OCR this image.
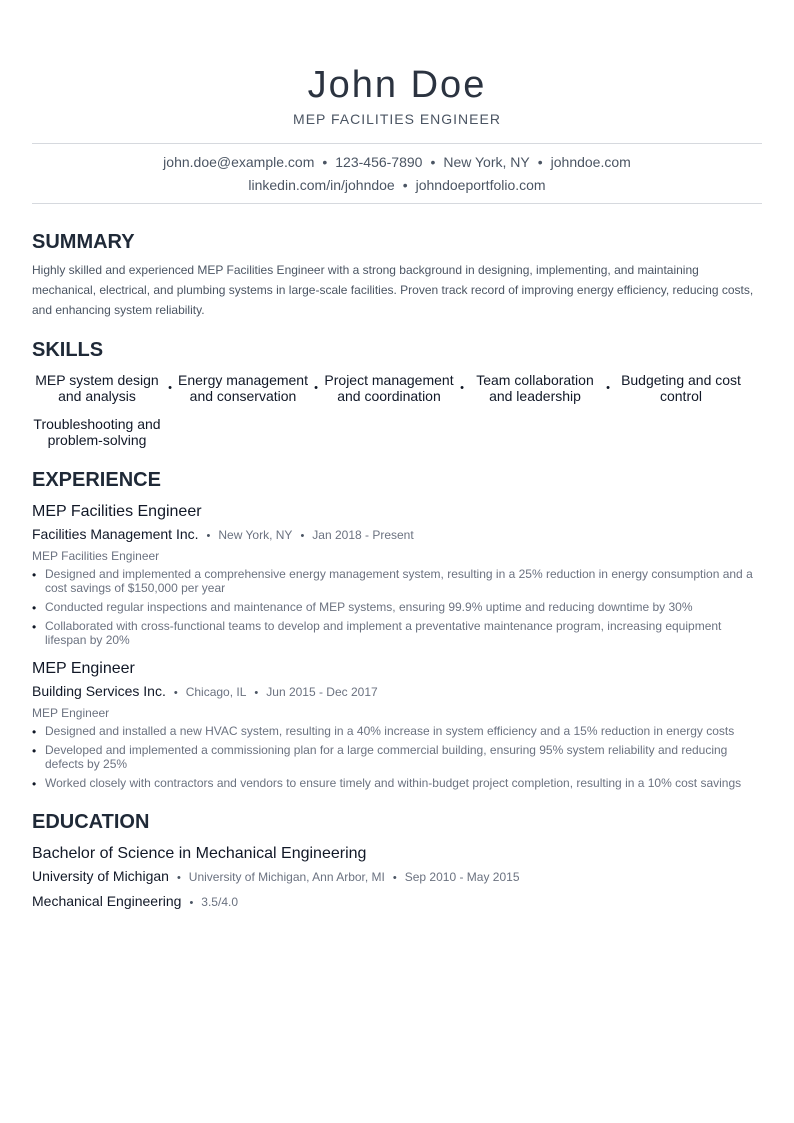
John Doe
MEP FACILITIES ENGINEER
john.doe@example.com • 123-456-7890 • New York, NY • johndoe.com
linkedin.com/in/johndoe • johndoeportfolio.com
SUMMARY
Highly skilled and experienced MEP Facilities Engineer with a strong background in designing, implementing, and maintaining mechanical, electrical, and plumbing systems in large-scale facilities. Proven track record of improving energy efficiency, reducing costs, and enhancing system reliability.
SKILLS
MEP system design and analysis	• Energy management and conservation	• Project management and coordination	• Team collaboration and leadership	• Budgeting and cost control
Troubleshooting and problem-solving
EXPERIENCE
MEP Facilities Engineer
Facilities Management Inc. • New York, NY • Jan 2018 - Present
MEP Facilities Engineer
• Designed and implemented a comprehensive energy management system, resulting in a 25% reduction in energy consumption and a cost savings of $150,000 per year
• Conducted regular inspections and maintenance of MEP systems, ensuring 99.9% uptime and reducing downtime by 30%
• Collaborated with cross-functional teams to develop and implement a preventative maintenance program, increasing equipment lifespan by 20%
MEP Engineer
Building Services Inc. • Chicago, IL • Jun 2015 - Dec 2017
MEP Engineer
• Designed and installed a new HVAC system, resulting in a 40% increase in system efficiency and a 15% reduction in energy costs
• Developed and implemented a commissioning plan for a large commercial building, ensuring 95% system reliability and reducing defects by 25%
• Worked closely with contractors and vendors to ensure timely and within-budget project completion, resulting in a 10% cost savings
EDUCATION
Bachelor of Science in Mechanical Engineering
University of Michigan • University of Michigan, Ann Arbor, MI • Sep 2010 - May 2015
Mechanical Engineering • 3.5/4.0
